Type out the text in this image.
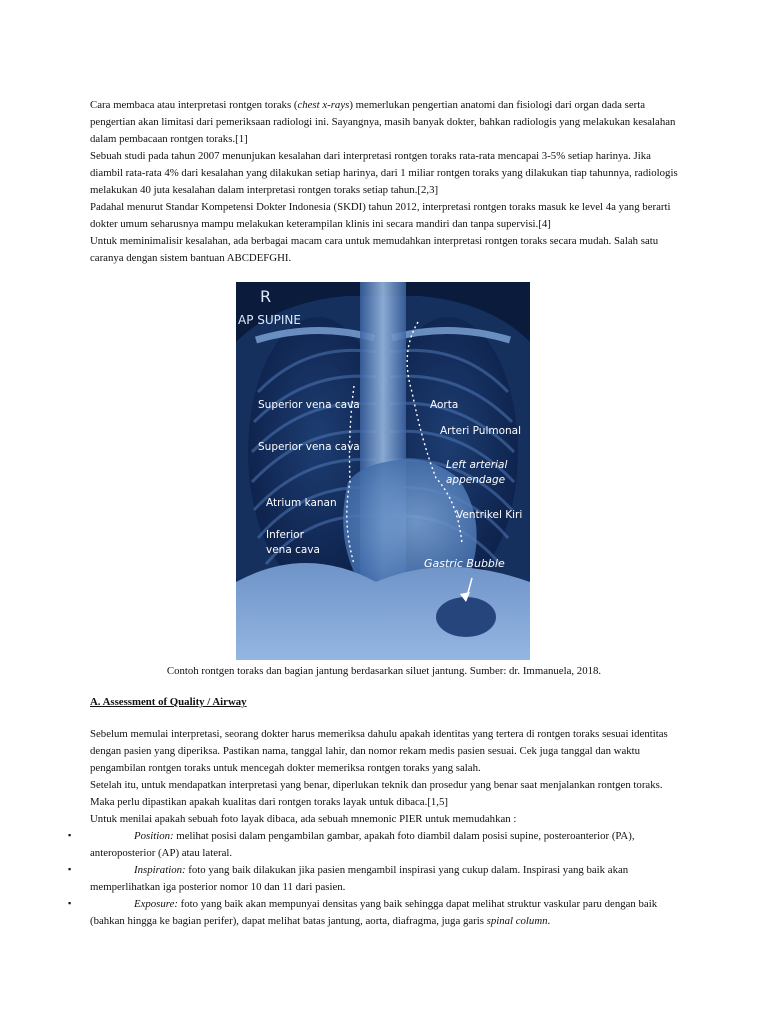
Cara membaca atau interpretasi rontgen toraks (chest x-rays) memerlukan pengertian anatomi dan fisiologi dari organ dada serta pengertian akan limitasi dari pemeriksaan radiologi ini. Sayangnya, masih banyak dokter, bahkan radiologis yang melakukan kesalahan dalam pembacaan rontgen toraks.[1]

Sebuah studi pada tahun 2007 menunjukan kesalahan dari interpretasi rontgen toraks rata-rata mencapai 3-5% setiap harinya. Jika diambil rata-rata 4% dari kesalahan yang dilakukan setiap harinya, dari 1 miliar rontgen toraks yang dilakukan tiap tahunnya, radiologis melakukan 40 juta kesalahan dalam interpretasi rontgen toraks setiap tahun.[2,3]

Padahal menurut Standar Kompetensi Dokter Indonesia (SKDI) tahun 2012, interpretasi rontgen toraks masuk ke level 4a yang berarti dokter umum seharusnya mampu melakukan keterampilan klinis ini secara mandiri dan tanpa supervisi.[4]

Untuk meminimalisir kesalahan, ada berbagai macam cara untuk memudahkan interpretasi rontgen toraks secara mudah. Salah satu caranya dengan sistem bantuan ABCDEFGHI.

R
AP SUPINE
Superior vena cava
Superior vena cava
Atrium kanan
Inferior
vena cava
Aorta
Arteri Pulmonal
Left arterial
appendage
Ventrikel Kiri
Gastric Bubble
Contoh rontgen toraks dan bagian jantung berdasarkan siluet jantung. Sumber: dr. Immanuela, 2018.

A. Assessment of Quality / Airway

Sebelum memulai interpretasi, seorang dokter harus memeriksa dahulu apakah identitas yang tertera di rontgen toraks sesuai identitas dengan pasien yang diperiksa. Pastikan nama, tanggal lahir, dan nomor rekam medis pasien sesuai. Cek juga tanggal dan waktu pengambilan rontgen toraks untuk mencegah dokter memeriksa rontgen toraks yang salah.

Setelah itu, untuk mendapatkan interpretasi yang benar, diperlukan teknik dan prosedur yang benar saat menjalankan rontgen toraks. Maka perlu dipastikan apakah kualitas dari rontgen toraks layak untuk dibaca.[1,5]

Untuk menilai apakah sebuah foto layak dibaca, ada sebuah mnemonic PIER untuk memudahkan :

▪	Position: melihat posisi dalam pengambilan gambar, apakah foto diambil dalam posisi supine, posteroanterior (PA), anteroposterior (AP) atau lateral.

▪	Inspiration: foto yang baik dilakukan jika pasien mengambil inspirasi yang cukup dalam. Inspirasi yang baik akan memperlihatkan iga posterior nomor 10 dan 11 dari pasien.

▪	Exposure: foto yang baik akan mempunyai densitas yang baik sehingga dapat melihat struktur vaskular paru dengan baik (bahkan hingga ke bagian perifer), dapat melihat batas jantung, aorta, diafragma, juga garis spinal column.
